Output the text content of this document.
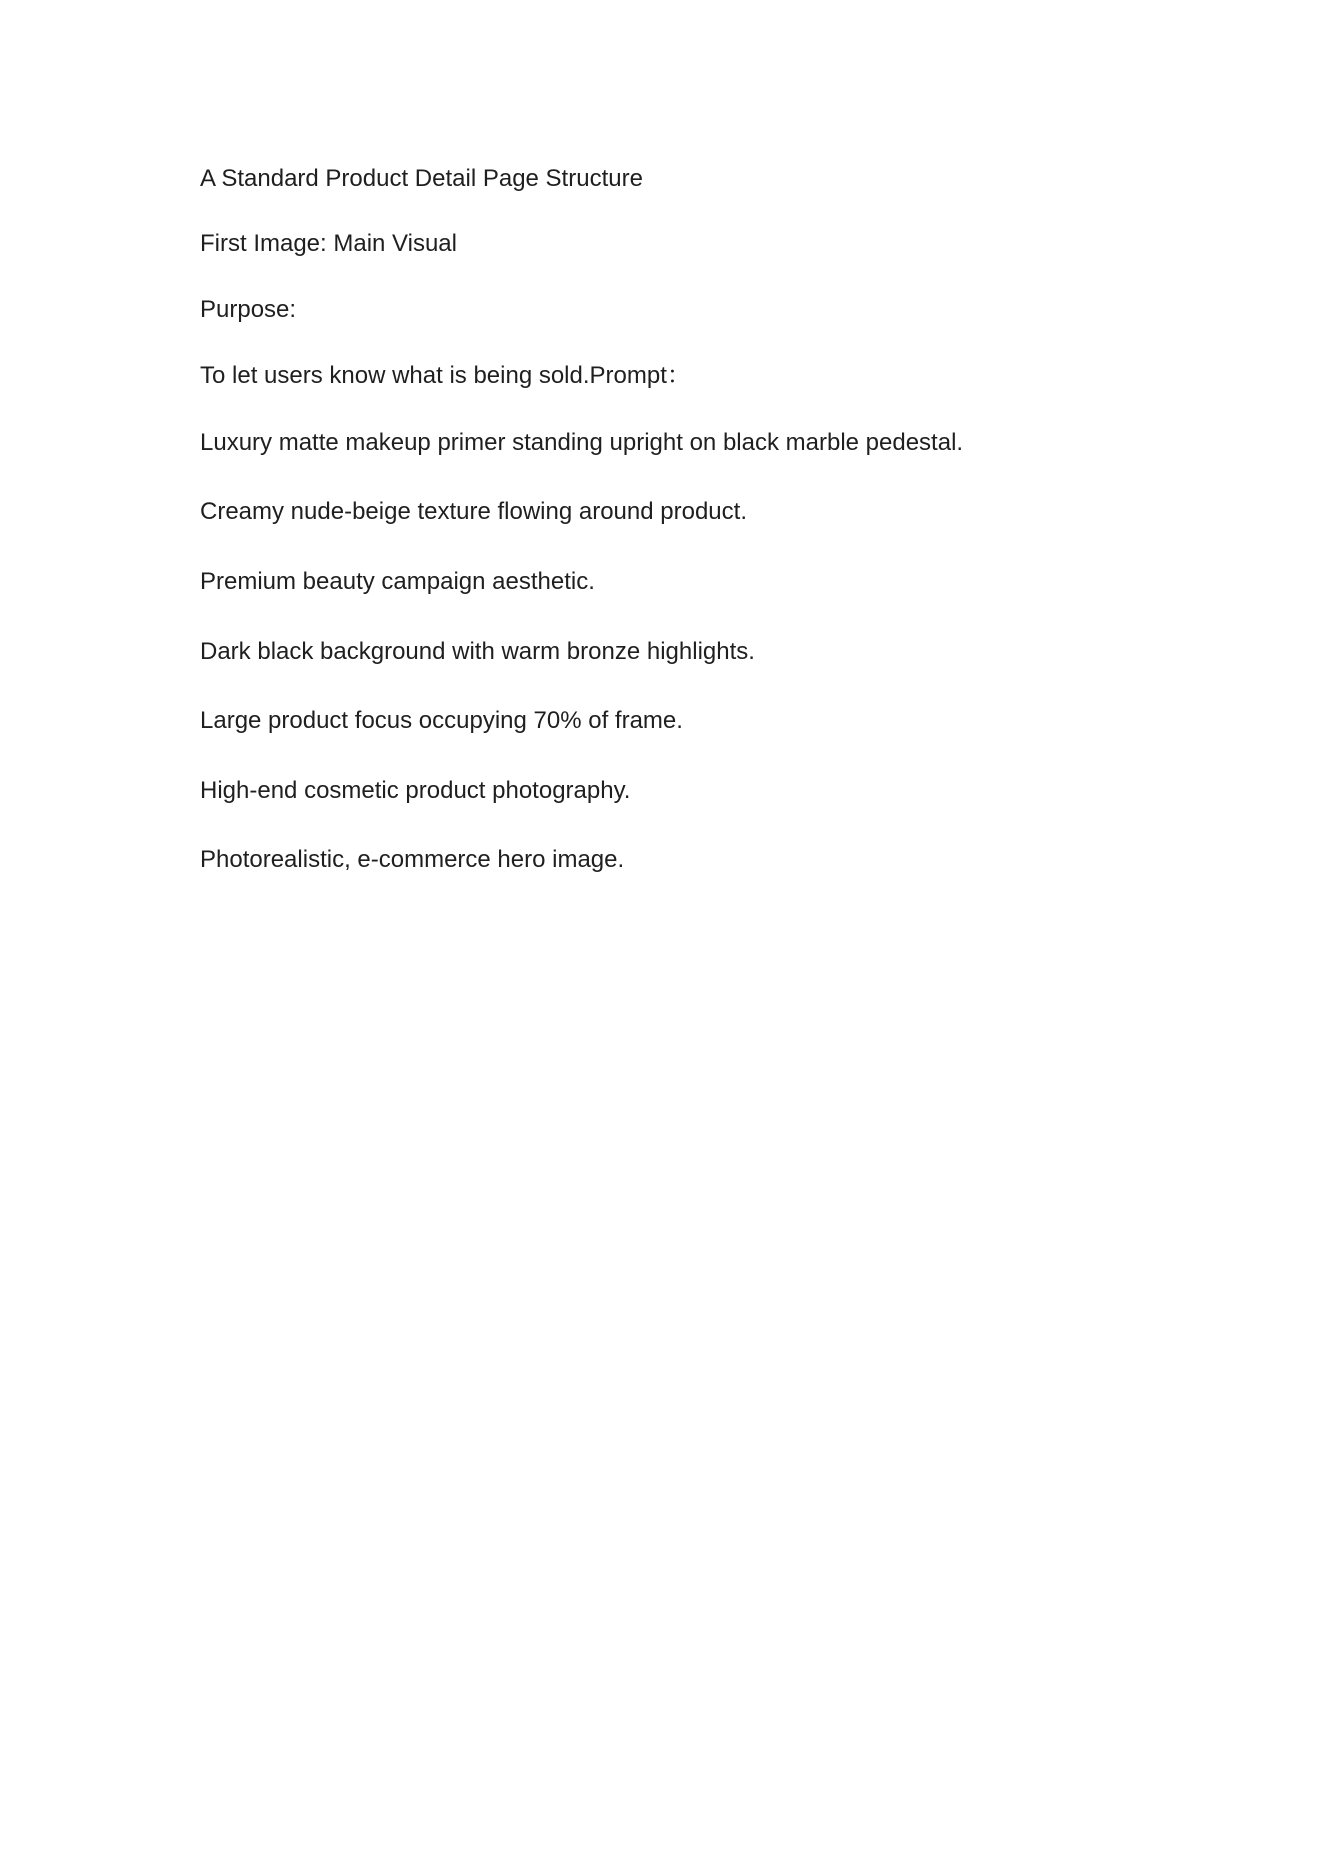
A Standard Product Detail Page Structure

First Image: Main Visual

Purpose:

To let users know what is being sold.Prompt：

Luxury matte makeup primer standing upright on black marble pedestal.

Creamy nude-beige texture flowing around product.

Premium beauty campaign aesthetic.

Dark black background with warm bronze highlights.

Large product focus occupying 70% of frame.

High-end cosmetic product photography.

Photorealistic, e-commerce hero image.
